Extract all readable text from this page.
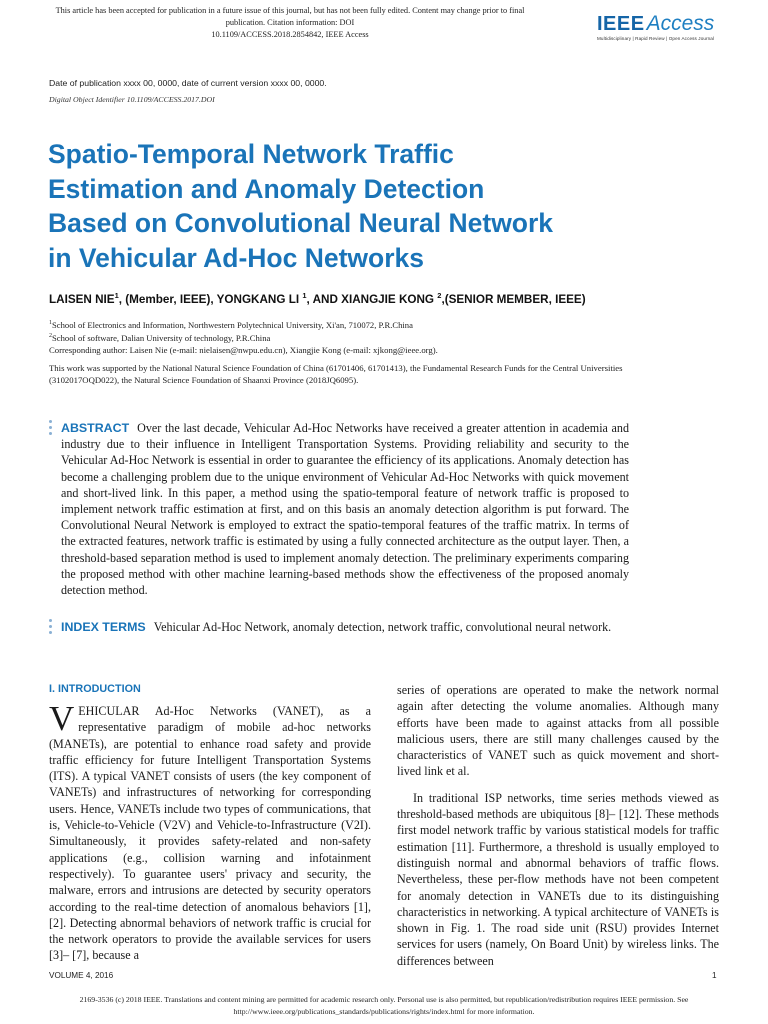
This article has been accepted for publication in a future issue of this journal, but has not been fully edited. Content may change prior to final publication. Citation information: DOI
10.1109/ACCESS.2018.2854842, IEEE Access	IEEE Access
Multidisciplinary | Rapid Review | Open Access Journal
Date of publication xxxx 00, 0000, date of current version xxxx 00, 0000.
Digital Object Identifier 10.1109/ACCESS.2017.DOI
Spatio-Temporal Network Traffic
Estimation and Anomaly Detection
Based on Convolutional Neural Network
in Vehicular Ad-Hoc Networks
LAISEN NIE$^1$, (Member, IEEE), YONGKANG LI $^1$, AND XIANGJIE KONG $^2$,(SENIOR MEMBER, IEEE)
$^1$School of Electronics and Information, Northwestern Polytechnical University, Xi'an, 710072, P.R.China
$^2$School of software, Dalian University of technology, P.R.China
Corresponding author: Laisen Nie (e-mail: nielaisen@nwpu.edu.cn), Xiangjie Kong (e-mail: xjkong@ieee.org).
This work was supported by the National Natural Science Foundation of China (61701406, 61701413), the Fundamental Research Funds for the Central Universities (3102017OQD022), the Natural Science Foundation of Shaanxi Province (2018JQ6095).
ABSTRACT Over the last decade, Vehicular Ad-Hoc Networks have received a greater attention in academia and industry due to their influence in Intelligent Transportation Systems. Providing reliability and security to the Vehicular Ad-Hoc Network is essential in order to guarantee the efficiency of its applications. Anomaly detection has become a challenging problem due to the unique environment of Vehicular Ad-Hoc Networks with quick movement and short-lived link. In this paper, a method using the spatio-temporal feature of network traffic is proposed to implement network traffic estimation at first, and on this basis an anomaly detection algorithm is put forward. The Convolutional Neural Network is employed to extract the spatio-temporal features of the traffic matrix. In terms of the extracted features, network traffic is estimated by using a fully connected architecture as the output layer. Then, a threshold-based separation method is used to implement anomaly detection. The preliminary experiments comparing the proposed method with other machine learning-based methods show the effectiveness of the proposed anomaly detection method.
INDEX TERMS Vehicular Ad-Hoc Network, anomaly detection, network traffic, convolutional neural network.
I. INTRODUCTION
VEHICULAR Ad-Hoc Networks (VANET), as a representative paradigm of mobile ad-hoc networks (MANETs), are potential to enhance road safety and provide traffic efficiency for future Intelligent Transportation Systems (ITS). A typical VANET consists of users (the key component of VANETs) and infrastructures of networking for corresponding users. Hence, VANETs include two types of communications, that is, Vehicle-to-Vehicle (V2V) and Vehicle-to-Infrastructure (V2I). Simultaneously, it provides safety-related and non-safety applications (e.g., collision warning and infotainment respectively). To guarantee users' privacy and security, the malware, errors and intrusions are detected by security operators according to the real-time detection of anomalous behaviors [1], [2]. Detecting abnormal behaviors of network traffic is crucial for the network operators to provide the available services for users [3]– [7], because a
series of operations are operated to make the network normal again after detecting the volume anomalies. Although many efforts have been made to against attacks from all possible malicious users, there are still many challenges caused by the characteristics of VANET such as quick movement and short-lived link et al.
In traditional ISP networks, time series methods viewed as threshold-based methods are ubiquitous [8]– [12]. These methods first model network traffic by various statistical models for traffic estimation [11]. Furthermore, a threshold is usually employed to distinguish normal and abnormal behaviors of traffic flows. Nevertheless, these per-flow methods have not been competent for anomaly detection in VANETs due to its distinguishing characteristics in networking. A typical architecture of VANETs is shown in Fig. 1. The road side unit (RSU) provides Internet services for users (namely, On Board Unit) by wireless links. The differences between
VOLUME 4, 2016	1
2169-3536 (c) 2018 IEEE. Translations and content mining are permitted for academic research only. Personal use is also permitted, but republication/redistribution requires IEEE permission. See
http://www.ieee.org/publications_standards/publications/rights/index.html for more information.
